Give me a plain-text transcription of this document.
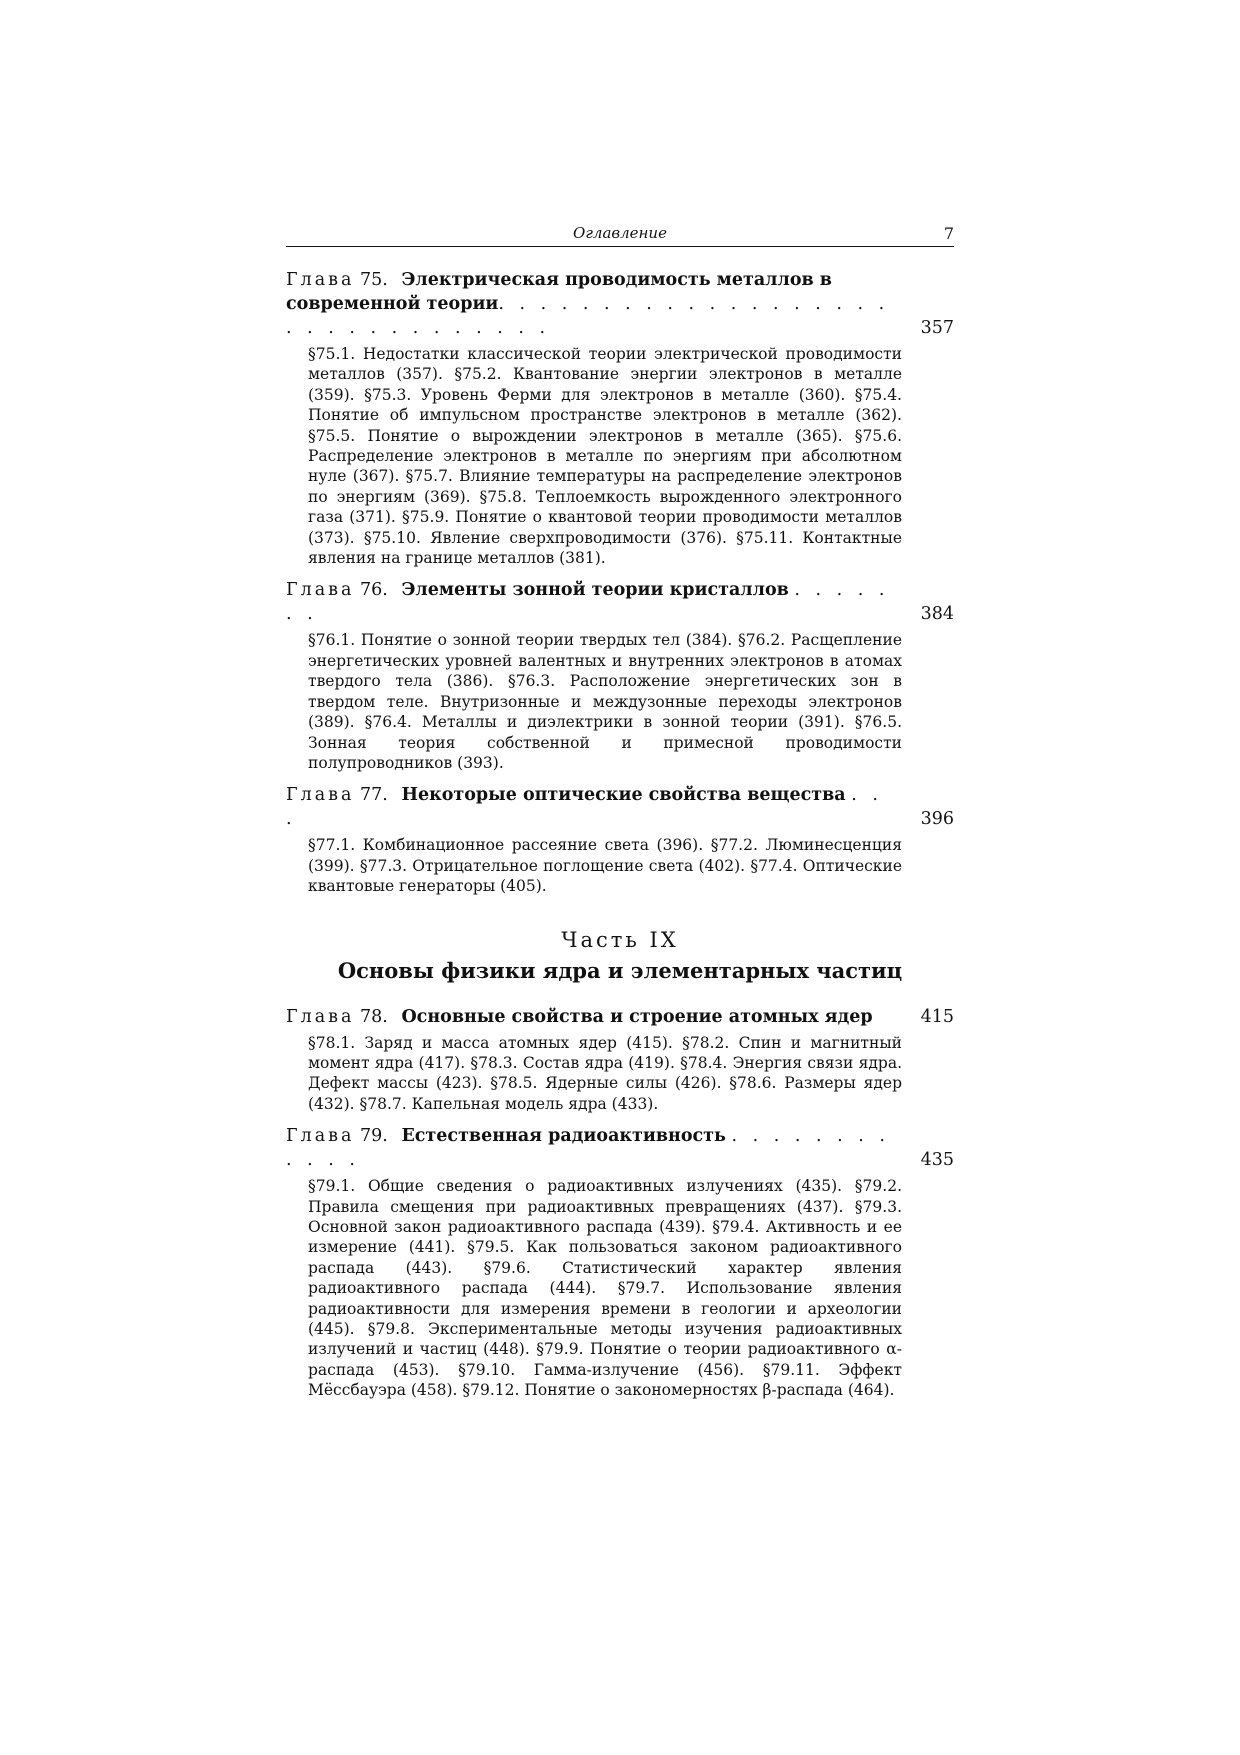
Оглавление	7
Глава 75. Электрическая проводимость металлов в современной теории. . . . . . . . . . . . . . . . . . . . . . . . . . . . . . . .	357
§75.1. Недостатки классической теории электрической проводимости металлов (357). §75.2. Квантование энергии электронов в металле (359). §75.3. Уровень Ферми для электронов в металле (360). §75.4. Понятие об импульсном пространстве электронов в металле (362). §75.5. Понятие о вырождении электронов в металле (365). §75.6. Распределение электронов в металле по энергиям при абсолютном нуле (367). §75.7. Влияние температуры на распределение электронов по энергиям (369). §75.8. Теплоемкость вырожденного электронного газа (371). §75.9. Понятие о квантовой теории проводимости металлов (373). §75.10. Явление сверхпроводимости (376). §75.11. Контактные явления на границе металлов (381).
Глава 76. Элементы зонной теории кристаллов . . . . . . .	384
§76.1. Понятие о зонной теории твердых тел (384). §76.2. Расщепление энергетических уровней валентных и внутренних электронов в атомах твердого тела (386). §76.3. Расположение энергетических зон в твердом теле. Внутризонные и междузонные переходы электронов (389). §76.4. Металлы и диэлектрики в зонной теории (391). §76.5. Зонная теория собственной и примесной проводимости полупроводников (393).
Глава 77. Некоторые оптические свойства вещества . . .	396
§77.1. Комбинационное рассеяние света (396). §77.2. Люминесценция (399). §77.3. Отрицательное поглощение света (402). §77.4. Оптические квантовые генераторы (405).
Часть IX
Основы физики ядра и элементарных частиц
Глава 78. Основные свойства и строение атомных ядер	415
§78.1. Заряд и масса атомных ядер (415). §78.2. Спин и магнитный момент ядра (417). §78.3. Состав ядра (419). §78.4. Энергия связи ядра. Дефект массы (423). §78.5. Ядерные силы (426). §78.6. Размеры ядер (432). §78.7. Капельная модель ядра (433).
Глава 79. Естественная радиоактивность . . . . . . . . . . . .	435
§79.1. Общие сведения о радиоактивных излучениях (435). §79.2. Правила смещения при радиоактивных превращениях (437). §79.3. Основной закон радиоактивного распада (439). §79.4. Активность и ее измерение (441). §79.5. Как пользоваться законом радиоактивного распада (443). §79.6. Статистический характер явления радиоактивного распада (444). §79.7. Использование явления радиоактивности для измерения времени в геологии и археологии (445). §79.8. Экспериментальные методы изучения радиоактивных излучений и частиц (448). §79.9. Понятие о теории радиоактивного α-распада (453). §79.10. Гамма-излучение (456). §79.11. Эффект Мёссбауэра (458). §79.12. Понятие о закономерностях β-распада (464).
